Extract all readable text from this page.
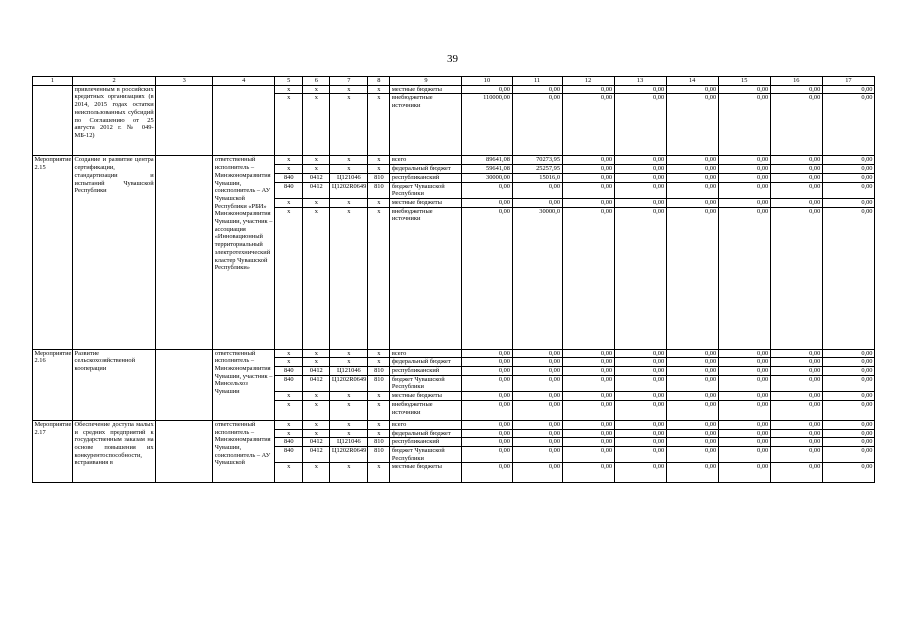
39
1	2	3	4	5	6	7	8	9	10	11	12	13	14	15	16	17
	привлеченным в российских кредитных организациях (в 2014, 2015 годах остатки неиспользованных субсидий по Соглашению от 25 августа 2012 г. № 049-МБ-12)			х	х	х	х	местные бюджеты	0,00	0,00	0,00	0,00	0,00	0,00	0,00	0,00
				х	х	х	х	внебюджетные источники	110000,00	0,00	0,00	0,00	0,00	0,00	0,00	0,00
Мероприятие 2.15	Создание и развитие центра сертификации, стандартизации и испытаний Чувашской Республики		ответственный исполнитель – Минэкономразвития Чувашии, соисполнитель – АУ Чувашской Республики «РБИ» Минэкономразвития Чувашии, участник – ассоциация «Инновационный территориальный электротехнический кластер Чувашской Республики»	х	х	х	х	всего	89641,08	70273,95	0,00	0,00	0,00	0,00	0,00	0,00
				х	х	х	х	федеральный бюджет	59641,08	25257,95	0,00	0,00	0,00	0,00	0,00	0,00
				840	0412	Ц121046	810	республиканский	30000,00	15016,0	0,00	0,00	0,00	0,00	0,00	0,00
				840	0412	Ц1202R0649	810	бюджет Чувашской Республики	0,00	0,00	0,00	0,00	0,00	0,00	0,00	0,00
				х	х	х	х	местные бюджеты	0,00	0,00	0,00	0,00	0,00	0,00	0,00	0,00
				х	х	х	х	внебюджетные источники	0,00	30000,0	0,00	0,00	0,00	0,00	0,00	0,00
Мероприятие 2.16	Развитие сельскохозяйственной кооперации		ответственный исполнитель – Минэкономразвития Чувашии, участник – Минсельхоз Чувашии	х	х	х	х	всего	0,00	0,00	0,00	0,00	0,00	0,00	0,00	0,00
				х	х	х	х	федеральный бюджет	0,00	0,00	0,00	0,00	0,00	0,00	0,00	0,00
				840	0412	Ц121046	810	республиканский	0,00	0,00	0,00	0,00	0,00	0,00	0,00	0,00
				840	0412	Ц1202R0649	810	бюджет Чувашской Республики	0,00	0,00	0,00	0,00	0,00	0,00	0,00	0,00
				х	х	х	х	местные бюджеты	0,00	0,00	0,00	0,00	0,00	0,00	0,00	0,00
				х	х	х	х	внебюджетные источники	0,00	0,00	0,00	0,00	0,00	0,00	0,00	0,00
Мероприятие 2.17	Обеспечение доступа малых и средних предприятий к государственным заказам на основе повышения их конкурентоспособности, встраивания в		ответственный исполнитель – Минэкономразвития Чувашии, соисполнитель – АУ Чувашской	х	х	х	х	всего	0,00	0,00	0,00	0,00	0,00	0,00	0,00	0,00
				х	х	х	х	федеральный бюджет	0,00	0,00	0,00	0,00	0,00	0,00	0,00	0,00
				840	0412	Ц121046	810	республиканский	0,00	0,00	0,00	0,00	0,00	0,00	0,00	0,00
				840	0412	Ц1202R0649	810	бюджет Чувашской Республики	0,00	0,00	0,00	0,00	0,00	0,00	0,00	0,00
				х	х	х	х	местные бюджеты	0,00	0,00	0,00	0,00	0,00	0,00	0,00	0,00
